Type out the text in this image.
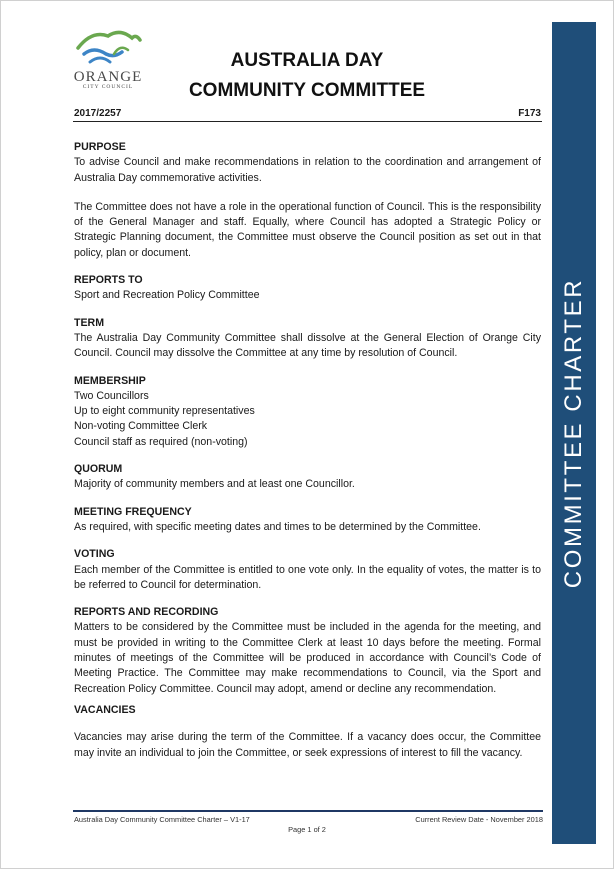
ORANGE
CITY COUNCIL
AUSTRALIA DAY
COMMUNITY COMMITTEE
2017/2257	F173
PURPOSE

To advise Council and make recommendations in relation to the coordination and arrangement of Australia Day commemorative activities.

The Committee does not have a role in the operational function of Council. This is the responsibility of the General Manager and staff. Equally, where Council has adopted a Strategic Policy or Strategic Planning document, the Committee must observe the Council position as set out in that policy, plan or document.

REPORTS TO

Sport and Recreation Policy Committee

TERM

The Australia Day Community Committee shall dissolve at the General Election of Orange City Council. Council may dissolve the Committee at any time by resolution of Council.

MEMBERSHIP
Two Councillors
Up to eight community representatives
Non-voting Committee Clerk
Council staff as required (non-voting)
QUORUM

Majority of community members and at least one Councillor.

MEETING FREQUENCY

As required, with specific meeting dates and times to be determined by the Committee.

VOTING

Each member of the Committee is entitled to one vote only. In the equality of votes, the matter is to be referred to Council for determination.

REPORTS AND RECORDING

Matters to be considered by the Committee must be included in the agenda for the meeting, and must be provided in writing to the Committee Clerk at least 10 days before the meeting. Formal minutes of meetings of the Committee will be produced in accordance with Council’s Code of Meeting Practice. The Committee may make recommendations to Council, via the Sport and Recreation Policy Committee. Council may adopt, amend or decline any recommendation.

VACANCIES

Vacancies may arise during the term of the Committee. If a vacancy does occur, the Committee may invite an individual to join the Committee, or seek expressions of interest to fill the vacancy.

COMMITTEE CHARTER
Australia Day Community Committee Charter – V1-17	Current Review Date - November 2018
Page 1 of 2
